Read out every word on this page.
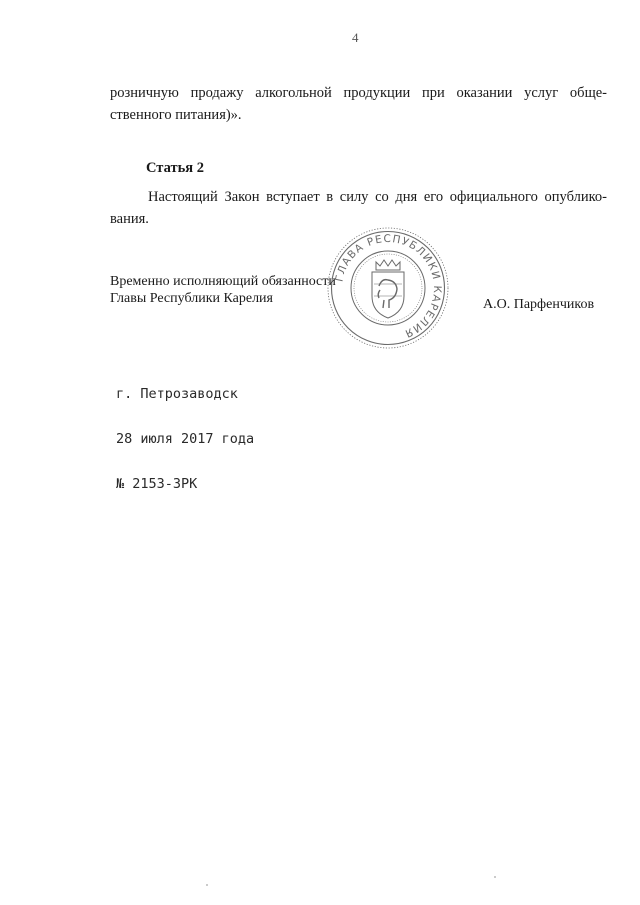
4
розничную продажу алкогольной продукции при оказании услуг обще-
ственного питания)».
Статья 2
Настоящий Закон вступает в силу со дня его официального опублико-
вания.
ГЛАВА РЕСПУБЛИКИ КАРЕЛИЯ
Временно исполняющий обязанности
Главы Республики Карелия	А.О. Парфенчиков

г. Петрозаводск

28 июля 2017 года

№ 2153-ЗРК
